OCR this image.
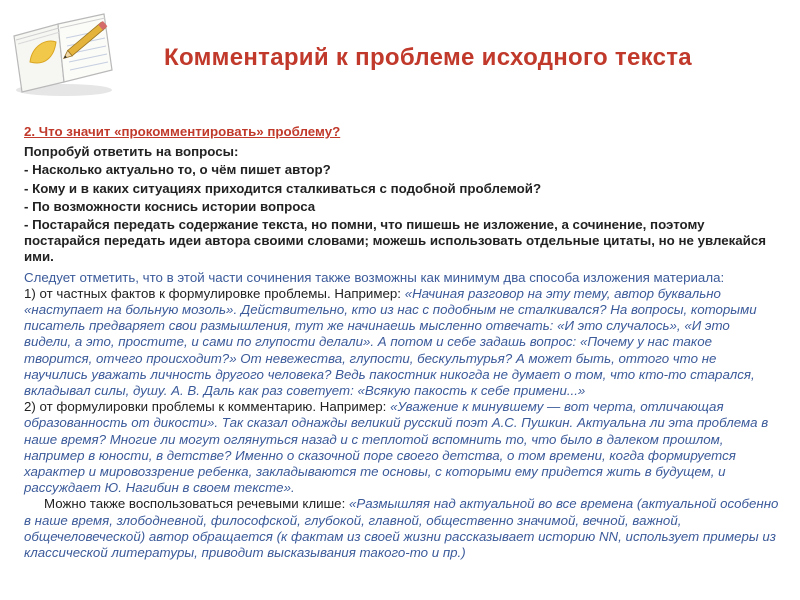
Комментарий к проблеме исходного текста

2. Что значит «прокомментировать» проблему?

Попробуй ответить на вопросы:

- Насколько актуально то, о чём пишет автор?

- Кому и в каких ситуациях приходится сталкиваться с подобной проблемой?

- По возможности коснись истории вопроса

- Постарайся передать содержание текста, но помни, что пишешь не изложение, а сочинение, поэтому постарайся передать идеи автора своими словами; можешь использовать отдельные цитаты, но не увлекайся ими.

Следует отметить, что в этой части сочинения также возможны как минимум два способа изложения материала:

1) от частных фактов к формулировке проблемы. Например: «Начиная разговор на эту тему, автор буквально «наступает на больную мозоль». Действительно, кто из нас с подобным не сталкивался? На вопросы, которыми писатель предваряет свои размышления, тут же начинаешь мысленно отвечать: «И это случалось», «И это видели, а это, простите, и сами по глупости делали». А потом и себе задашь вопрос: «Почему у нас такое творится, отчего происходит?» От невежества, глупости, бескультурья? А может быть, оттого что не научились уважать личность другого человека? Ведь пакостник никогда не думает о том, что кто-то старался, вкладывал силы, душу. А. В. Даль как раз советует: «Всякую пакость к себе примени...»

2) от формулировки проблемы к комментарию. Например: «Уважение к минувшему — вот черта, отличающая образованность от дикости». Так сказал однажды великий русский поэт А.С. Пушкин. Актуальна ли эта проблема в наше время? Многие ли могут оглянуться назад и с теплотой вспомнить то, что было в далеком прошлом, например в юности, в детстве? Именно о сказочной поре своего детства, о том времени, когда формируется характер и мировоззрение ребенка, закладываются те основы, с которыми ему придется жить в будущем, и рассуждает Ю. Нагибин в своем тексте».

Можно также воспользоваться речевыми клише: «Размышляя над актуальной во все времена (актуальной особенно в наше время, злободневной, философской, глубокой, главной, общественно значимой, вечной, важной, общечеловеческой) автор обращается (к фактам из своей жизни рассказывает историю NN, использует примеры из классической литературы, приводит высказывания такого-то и пр.)
